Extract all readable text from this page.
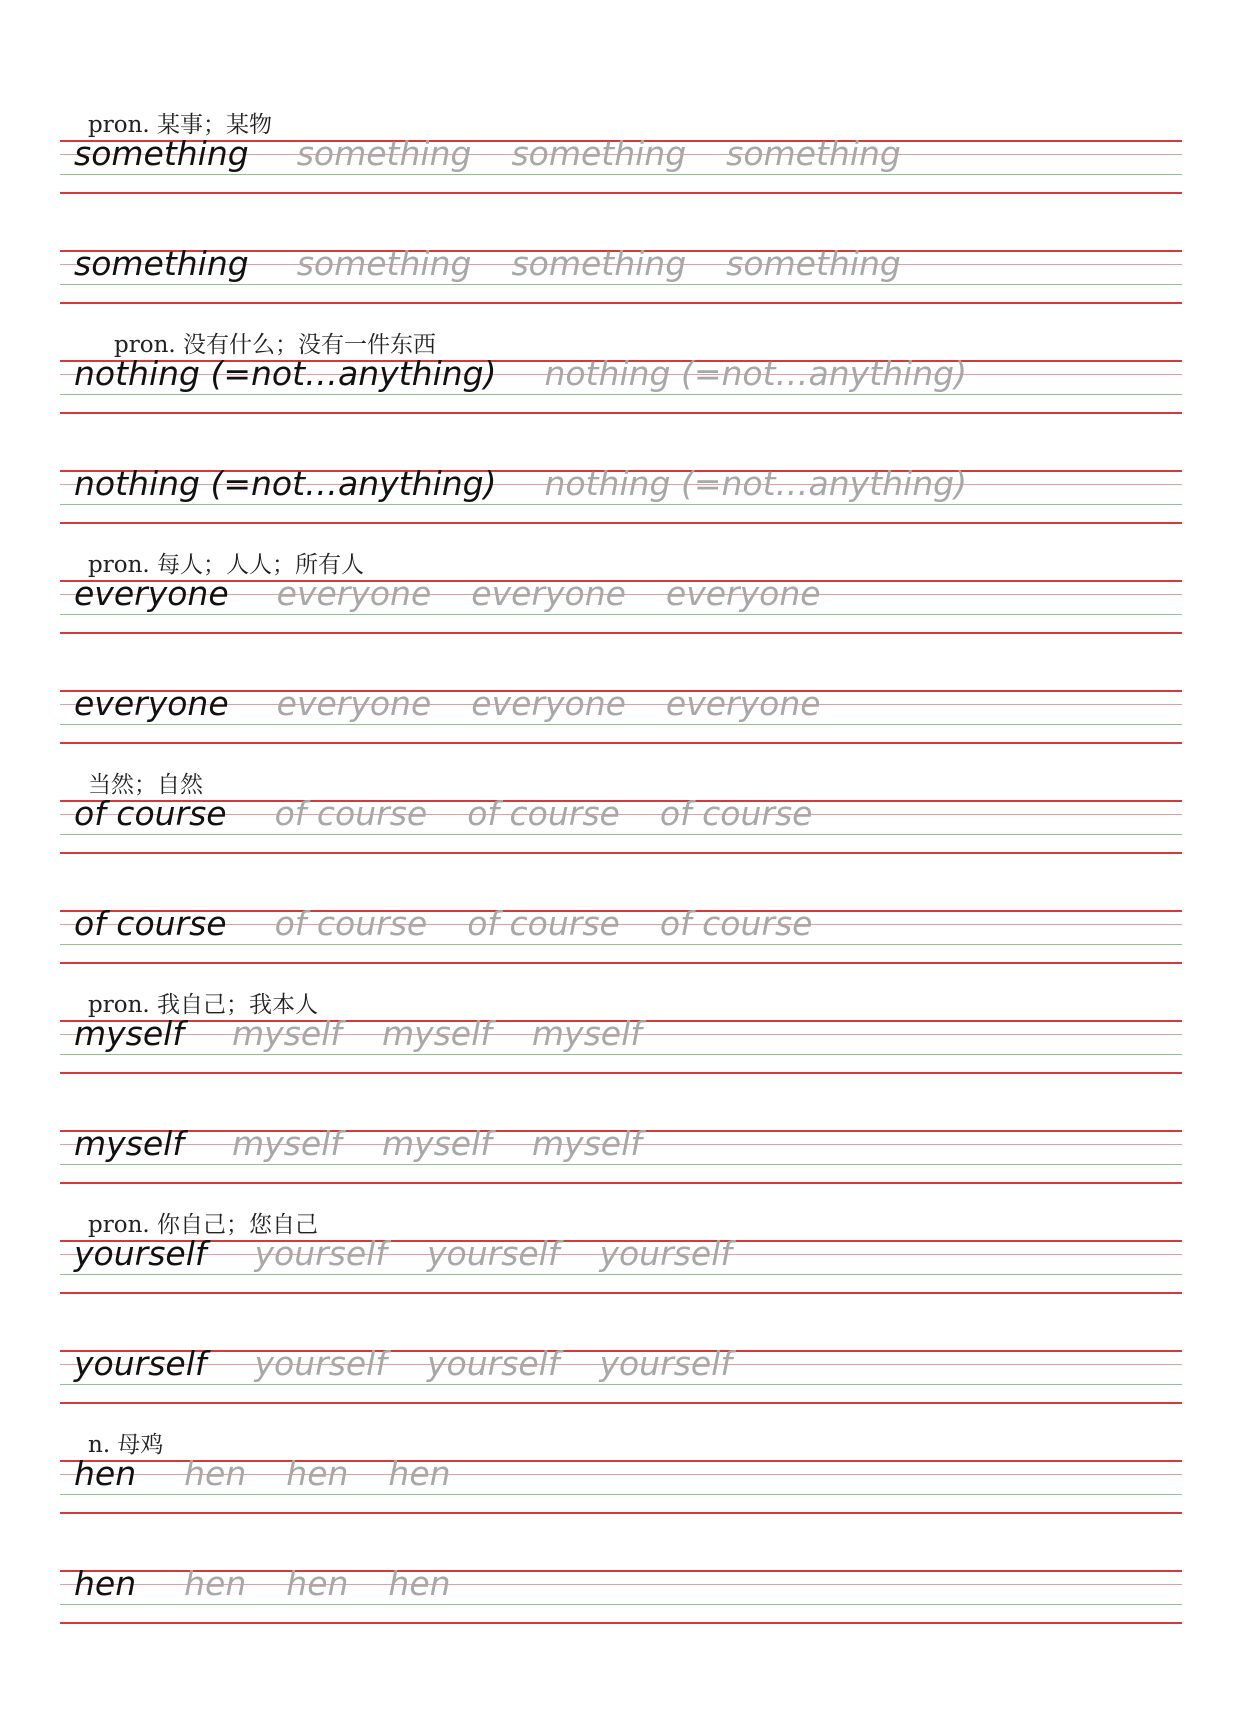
pron. 某事；某物
something something something something
something something something something
pron. 没有什么；没有一件东西
nothing (=not…anything) nothing (=not…anything)
nothing (=not…anything) nothing (=not…anything)
pron. 每人；人人；所有人
everyone everyone everyone everyone
everyone everyone everyone everyone
当然；自然
of course of course of course of course
of course of course of course of course
pron. 我自己；我本人
myself myself myself myself
myself myself myself myself
pron. 你自己；您自己
yourself yourself yourself yourself
yourself yourself yourself yourself
n. 母鸡
hen hen hen hen
hen hen hen hen
